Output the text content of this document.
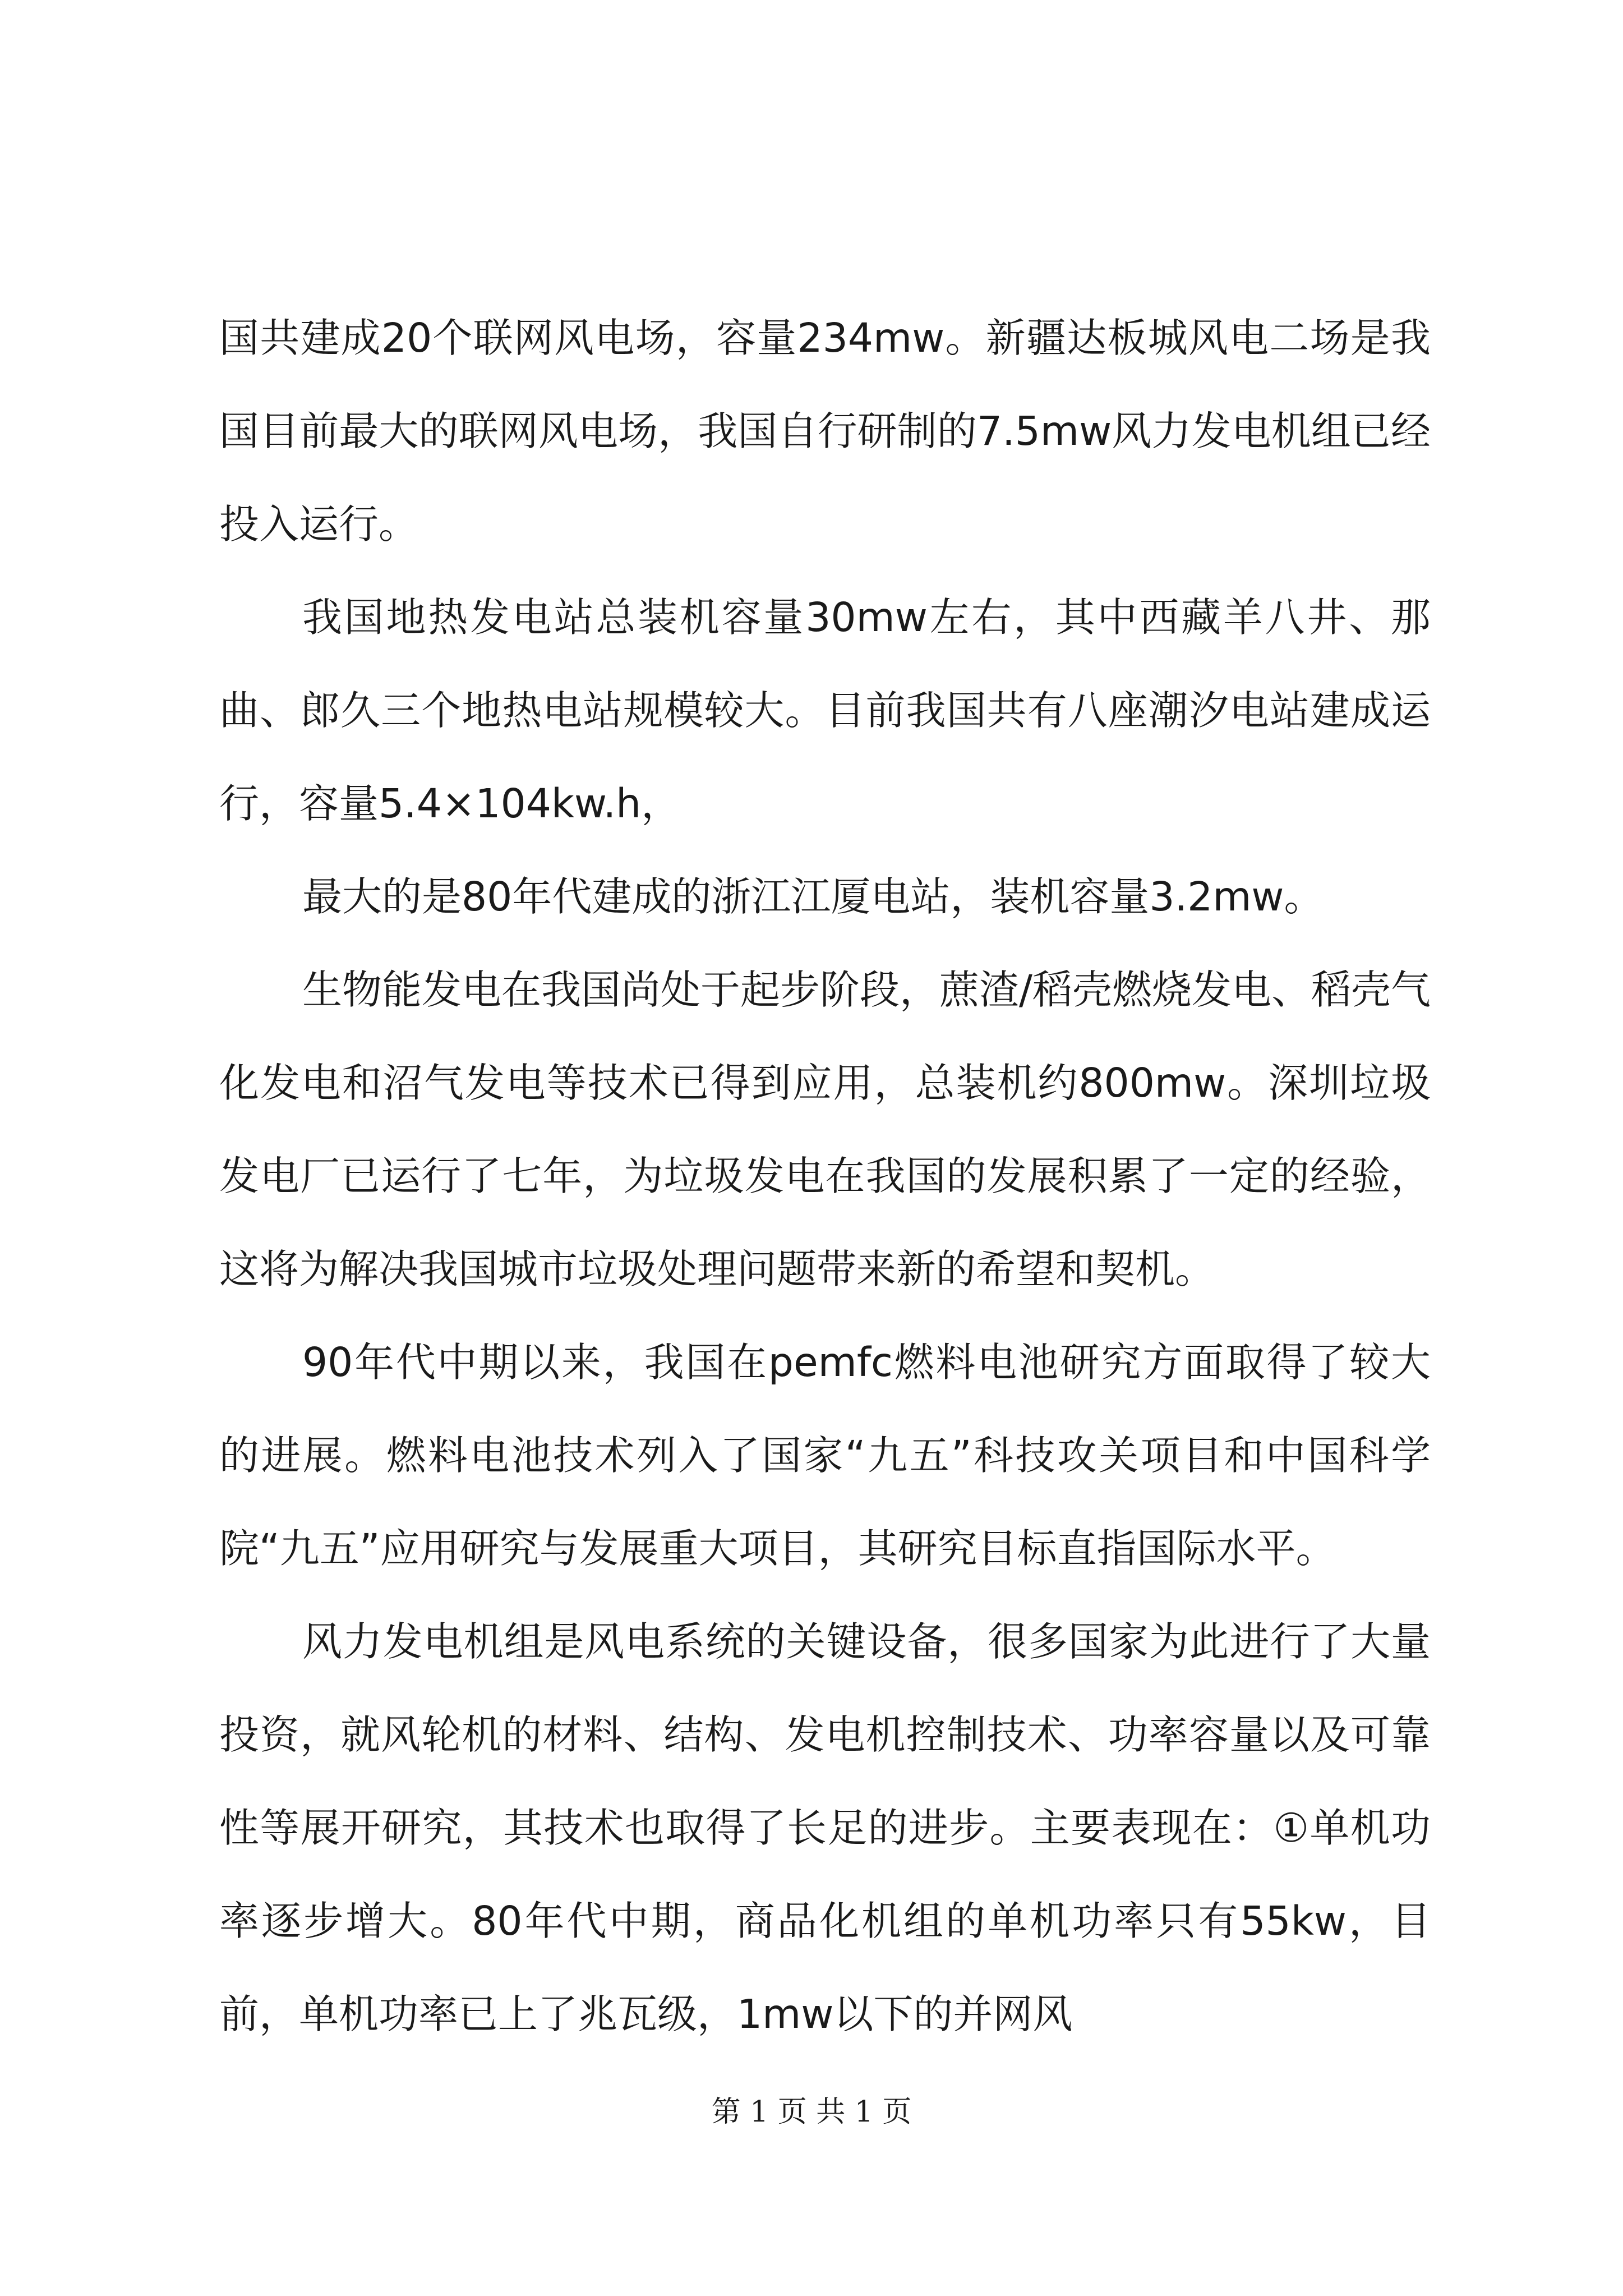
国共建成20个联网风电场，容量234mw。新疆达板城风电二场是我国目前最大的联网风电场，我国自行研制的7.5mw风力发电机组已经投入运行。

我国地热发电站总装机容量30mw左右，其中西藏羊八井、那曲、郎久三个地热电站规模较大。目前我国共有八座潮汐电站建成运行，容量5.4×104kw.h，

最大的是80年代建成的浙江江厦电站，装机容量3.2mw。

生物能发电在我国尚处于起步阶段，蔗渣/稻壳燃烧发电、稻壳气化发电和沼气发电等技术已得到应用，总装机约800mw。深圳垃圾发电厂已运行了七年，为垃圾发电在我国的发展积累了一定的经验，这将为解决我国城市垃圾处理问题带来新的希望和契机。

90年代中期以来，我国在pemfc燃料电池研究方面取得了较大的进展。燃料电池技术列入了国家“九五”科技攻关项目和中国科学院“九五”应用研究与发展重大项目，其研究目标直指国际水平。

风力发电机组是风电系统的关键设备，很多国家为此进行了大量投资，就风轮机的材料、结构、发电机控制技术、功率容量以及可靠性等展开研究，其技术也取得了长足的进步。主要表现在：①单机功率逐步增大。80年代中期，商品化机组的单机功率只有55kw，目前，单机功率已上了兆瓦级，1mw以下的并网风

第 1 页 共 1 页
